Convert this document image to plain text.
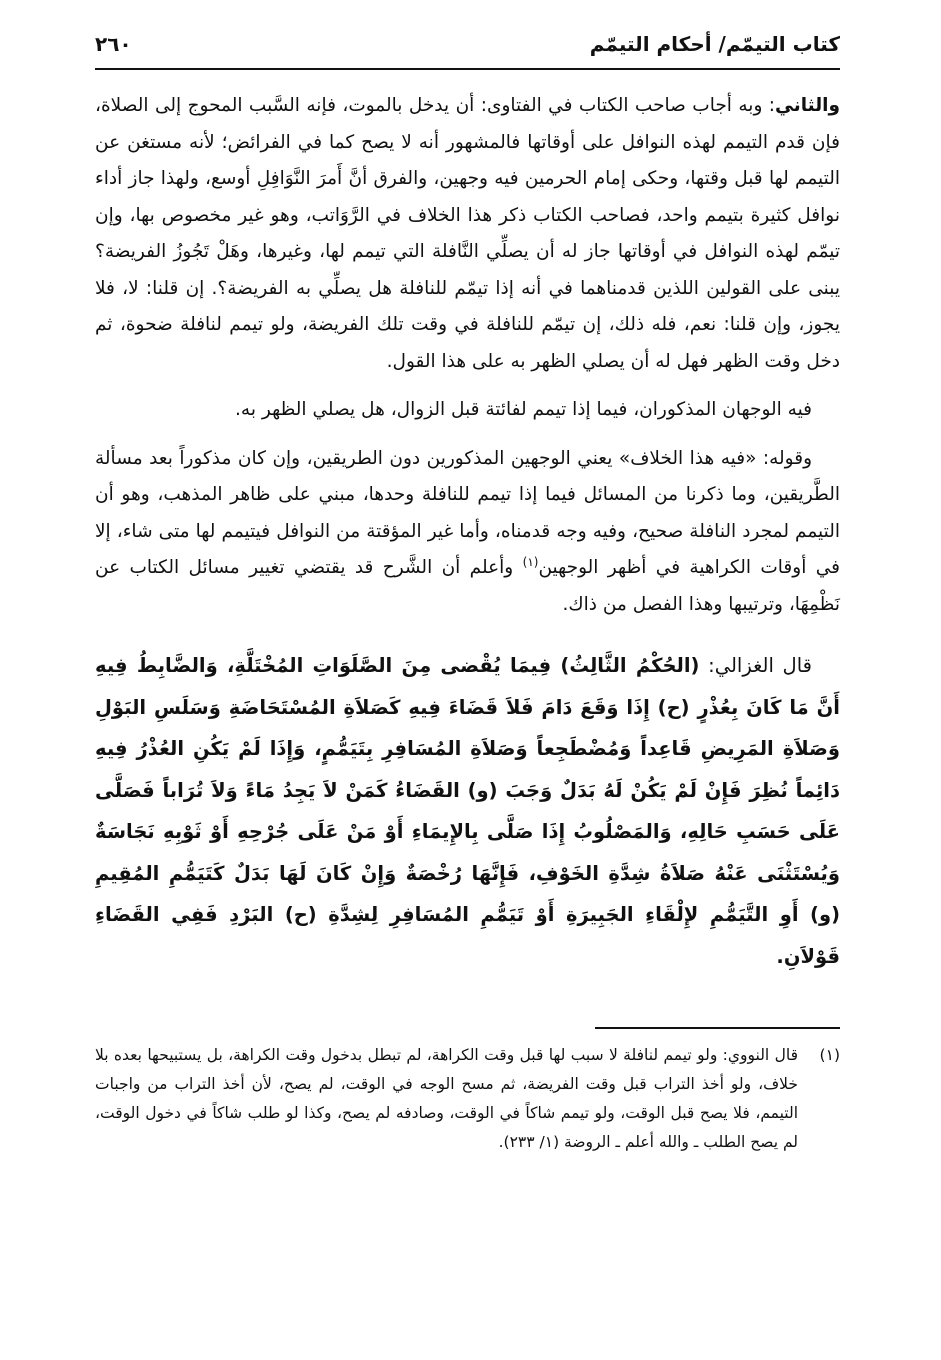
كتاب التيمّم/ أحكام التيمّم
٢٦٠

والثاني: وبه أجاب صاحب الكتاب في الفتاوى: أن يدخل بالموت، فإنه السَّبب المحوج إلى الصلاة، فإن قدم التيمم لهذه النوافل على أوقاتها فالمشهور أنه لا يصح كما في الفرائض؛ لأنه مستغن عن التيمم لها قبل وقتها، وحكى إمام الحرمين فيه وجهين، والفرق أنَّ أَمرَ النَّوَافِلِ أوسع، ولهذا جاز أداء نوافل كثيرة بتيمم واحد، فصاحب الكتاب ذكر هذا الخلاف في الرَّوَاتب، وهو غير مخصوص بها، وإن تيمّم لهذه النوافل في أوقاتها جاز له أن يصلِّي النَّافلة التي تيمم لها، وغيرها، وهَلْ تَجُوزُ الفريضة؟ يبنى على القولين اللذين قدمناهما في أنه إذا تيمّم للنافلة هل يصلِّي به الفريضة؟. إن قلنا: لا، فلا يجوز، وإن قلنا: نعم، فله ذلك، إن تيمّم للنافلة في وقت تلك الفريضة، ولو تيمم لنافلة ضحوة، ثم دخل وقت الظهر فهل له أن يصلي الظهر به على هذا القول.

فيه الوجهان المذكوران، فيما إذا تيمم لفائتة قبل الزوال، هل يصلي الظهر به.

وقوله: «فيه هذا الخلاف» يعني الوجهين المذكورين دون الطريقين، وإن كان مذكوراً بعد مسألة الطَّريقين، وما ذكرنا من المسائل فيما إذا تيمم للنافلة وحدها، مبني على ظاهر المذهب، وهو أن التيمم لمجرد النافلة صحيح، وفيه وجه قدمناه، وأما غير المؤقتة من النوافل فيتيمم لها متى شاء، إلا في أوقات الكراهية في أظهر الوجهين$^{(١)}$ وأعلم أن الشَّرح قد يقتضي تغيير مسائل الكتاب عن نَظْمِهَا، وترتيبها وهذا الفصل من ذاك.

قال الغزالي: (الحُكْمُ الثَّالِثُ) فِيمَا يُقْضى مِنَ الصَّلَوَاتِ المُخْتَلَّةِ، وَالضَّابِطُ فِيهِ أَنَّ مَا كَانَ بِعُذْرٍ (ح) إِذَا وَقَعَ دَامَ فَلاَ قَضَاءَ فِيهِ كَصَلاَةِ المُسْتَحَاضَةِ وَسَلَسِ البَوْلِ وَصَلاَةِ المَرِيضِ قَاعِداً وَمُضْطَجِعاً وَصَلاَةِ المُسَافِرِ بِتَيَمُّمٍ، وَإِذَا لَمْ يَكُنِ العُذْرُ فِيهِ دَائِماً نُظِرَ فَإِنْ لَمْ يَكُنْ لَهُ بَدَلٌ وَجَبَ (و) القَضَاءُ كَمَنْ لاَ يَجِدُ مَاءً وَلاَ تُرَاباً فَصَلَّى عَلَى حَسَبِ حَالِهِ، وَالمَصْلُوبُ إِذَا صَلَّى بِالإِيمَاءِ أَوْ مَنْ عَلَى جُرْحِهِ أَوْ ثَوْبِهِ نَجَاسَةٌ وَيُسْتَثْنَى عَنْهُ صَلاَةُ شِدَّةِ الخَوْفِ، فَإِنَّهَا رُخْصَةٌ وَإِنْ كَانَ لَهَا بَدَلٌ كَتَيَمُّمِ المُقِيمِ (و) أَوِ التَّيَمُّمِ لإِلْقَاءِ الجَبِيرَةِ أَوْ تَيَمُّمِ المُسَافِرِ لِشِدَّةِ (ح) البَرْدِ فَفِي القَضَاءِ قَوْلاَنِ.

(١)
قال النووي: ولو تيمم لنافلة لا سبب لها قبل وقت الكراهة، لم تبطل بدخول وقت الكراهة، بل يستبيحها بعده بلا خلاف، ولو أخذ التراب قبل وقت الفريضة، ثم مسح الوجه في الوقت، لم يصح، لأن أخذ التراب من واجبات التيمم، فلا يصح قبل الوقت، ولو تيمم شاكاً في الوقت، وصادفه لم يصح، وكذا لو طلب شاكاً في دخول الوقت، لم يصح الطلب ـ والله أعلم ـ الروضة (١/ ٢٣٣).
